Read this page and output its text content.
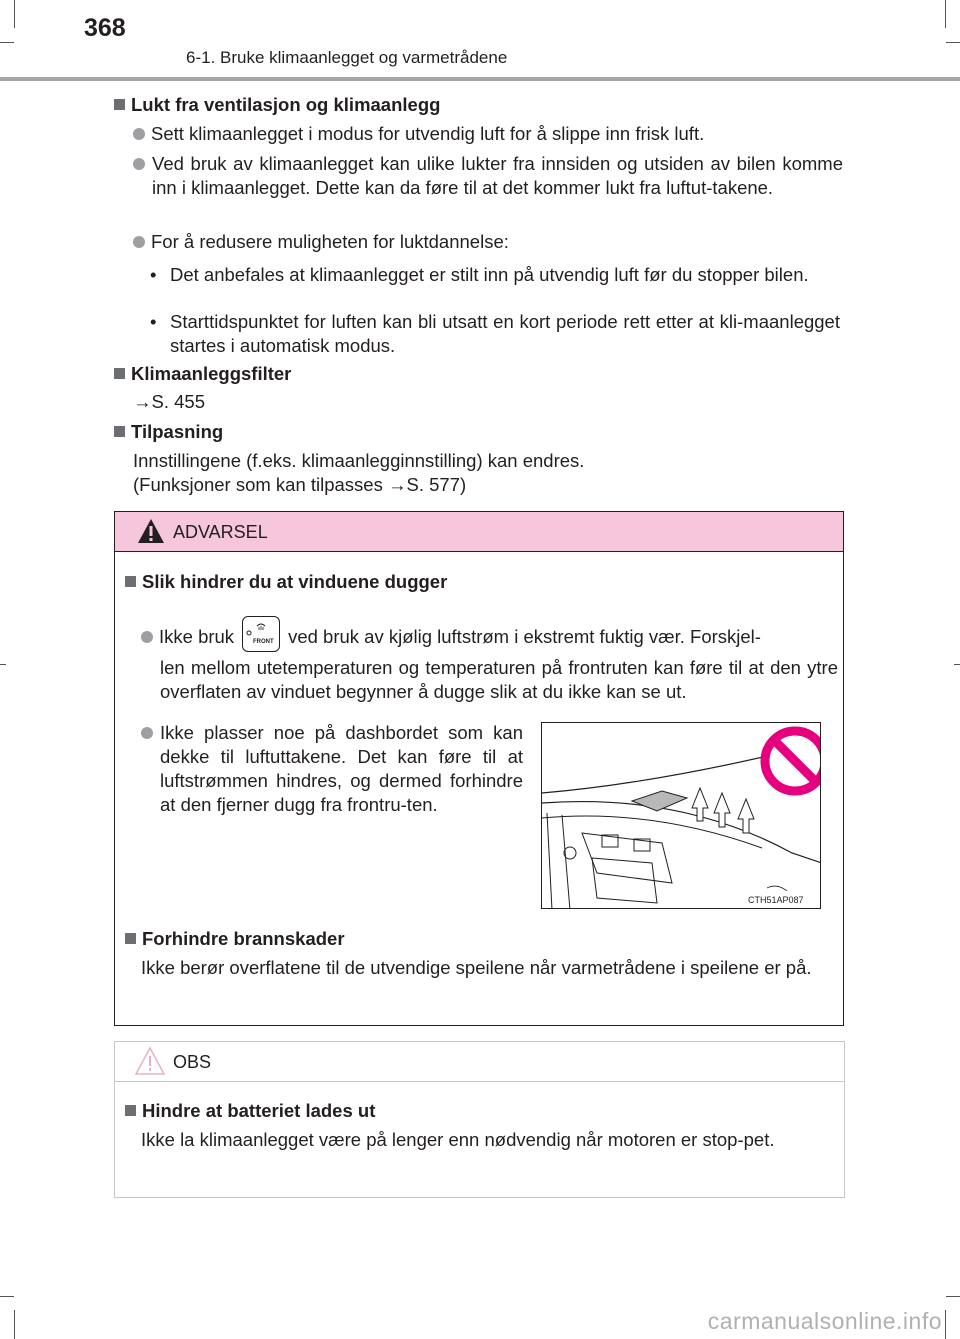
368
6-1. Bruke klimaanlegget og varmetrådene
Lukt fra ventilasjon og klimaanlegg
Sett klimaanlegget i modus for utvendig luft for å slippe inn frisk luft.
Ved bruk av klimaanlegget kan ulike lukter fra innsiden og utsiden av bilen komme inn i klimaanlegget. Dette kan da føre til at det kommer lukt fra luftut-takene.
For å redusere muligheten for luktdannelse:
• Det anbefales at klimaanlegget er stilt inn på utvendig luft før du stopper bilen.
• Starttidspunktet for luften kan bli utsatt en kort periode rett etter at kli-maanlegget startes i automatisk modus.
Klimaanleggsfilter
→S. 455
Tilpasning
Innstillingene (f.eks. klimaanlegginnstilling) kan endres.
(Funksjoner som kan tilpasses →S. 577)
ADVARSEL
Slik hindrer du at vinduene dugger
Ikke bruk	FRONT ved bruk av kjølig luftstrøm i ekstremt fuktig vær. Forskjel-
len mellom utetemperaturen og temperaturen på frontruten kan føre til at den ytre overflaten av vinduet begynner å dugge slik at du ikke kan se ut.
Ikke plasser noe på dashbordet som kan dekke til luftuttakene. Det kan føre til at luftstrømmen hindres, og dermed forhindre at den fjerner dugg fra frontru-ten.
Forhindre brannskader
Ikke berør overflatene til de utvendige speilene når varmetrådene i speilene er på.
CTH51AP087
OBS
Hindre at batteriet lades ut
Ikke la klimaanlegget være på lenger enn nødvendig når motoren er stop-pet.
carmanualsonline.info
